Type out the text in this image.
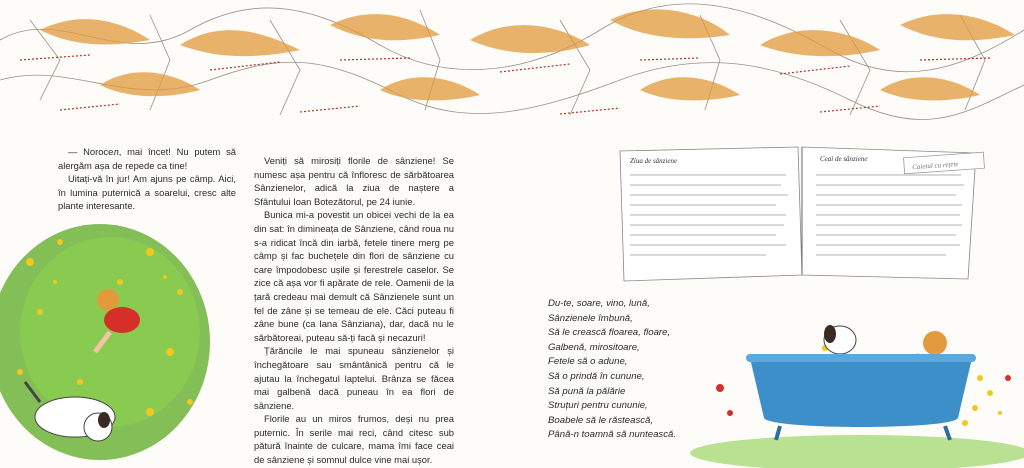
— Noroceл, mai încet! Nu putem să alergăm așa de repede ca tine!

Uitați-vă în jur! Am ajuns pe câmp. Aici, în lumina puternică a soarelui, cresc alte plante interesante.

Veniți să mirosiți florile de sânziene! Se numesc așa pentru că înfloresc de sărbătoarea Sânzienelor, adică la ziua de naștere a Sfântului Ioan Botezătorul, pe 24 iunie.

Bunica mi-a povestit un obicei vechi de la ea din sat: în dimineața de Sânziene, când roua nu s-a ridicat încă din iarbă, fetele tinere merg pe câmp și fac buchețele din flori de sânziene cu care împodobesc ușile și ferestrele caselor. Se zice că așa vor fi apărate de rele. Oamenii de la țară credeau mai demult că Sânzienele sunt un fel de zâne și se temeau de ele. Căci puteau fi zâne bune (ca Iana Sânziana), dar, dacă nu le sărbătoreai, puteau să-ți facă și necazuri!

Țărăncile le mai spuneau sânzienelor și închegătoare sau smântânică pentru că le ajutau la închegatul laptelui. Brânza se făcea mai galbenă dacă puneau în ea flori de sânziene.

Florile au un miros frumos, deși nu prea puternic. În serile mai reci, când citesc sub pătură înainte de culcare, mama îmi face ceai de sânziene și somnul dulce vine mai ușor.

Ziua de sânziene	Ceai de sânziene
Caietul cu rețete
Du-te, soare, vino, lună,
Sânzienele îmbună,
Să le crească floarea, floare,
Galbenă, mirositoare,
Fetele să o adune,
Să o prindă în cunune,
Să pună la pălărie
Struțuri pentru cununie,
Boabele să le răstească,
Până-n toamnă să nuntească.
